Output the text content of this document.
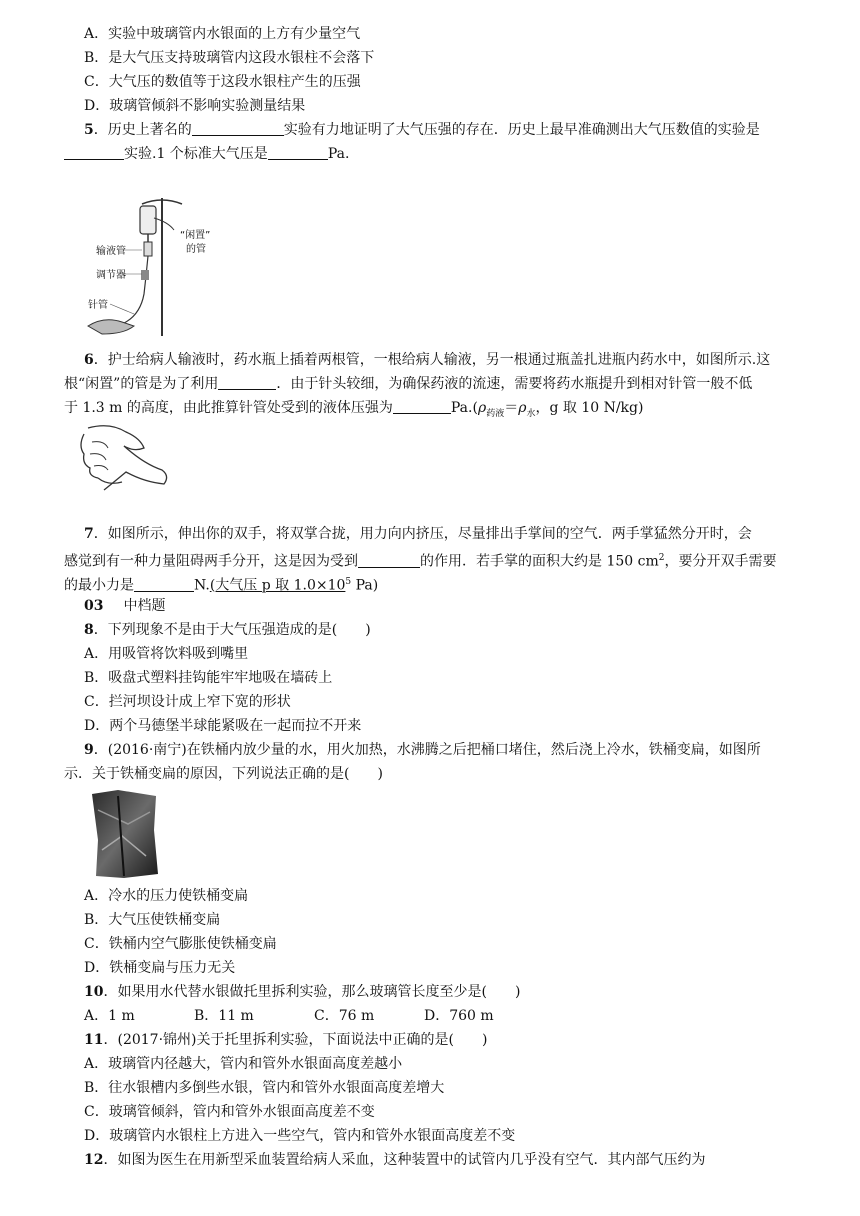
A．实验中玻璃管内水银面的上方有少量空气
B．是大气压支持玻璃管内这段水银柱不会落下
C．大气压的数值等于这段水银柱产生的压强
D．玻璃管倾斜不影响实验测量结果
5．历史上著名的	实验有力地证明了大气压强的存在．历史上最早准确测出大气压数值的实验是
实验.1 个标准大气压是	Pa.
输液管
调节器
针管
“闲置”
的管
6．护士给病人输液时，药水瓶上插着两根管，一根给病人输液，另一根通过瓶盖扎进瓶内药水中，如图所示.这
根“闲置”的管是为了利用	．由于针头较细，为确保药液的流速，需要将药水瓶提升到相对针管一般不低
于 1.3 m 的高度，由此推算针管处受到的液体压强为	$Pa.(\rho_{药液}=\rho_水$，g 取 10 N/kg)
7．如图所示，伸出你的双手，将双掌合拢，用力向内挤压，尽量排出手掌间的空气．两手掌猛然分开时，会
感觉到有一种力量阻碍两手分开，这是因为受到	的作用．若手掌的面积大约是 150 $cm^2$，要分开双手需要
的最小力是	N.(大气压 p 取 $1.0\times 10^5$ Pa)
03 中档题
8．下列现象不是由于大气压强造成的是(　　)
A．用吸管将饮料吸到嘴里
B．吸盘式塑料挂钩能牢牢地吸在墙砖上
C．拦河坝设计成上窄下宽的形状
D．两个马德堡半球能紧吸在一起而拉不开来
9．(2016·南宁)在铁桶内放少量的水，用火加热，水沸腾之后把桶口堵住，然后浇上冷水，铁桶变扁，如图所
示．关于铁桶变扁的原因，下列说法正确的是(　　)
A．冷水的压力使铁桶变扁
B．大气压使铁桶变扁
C．铁桶内空气膨胀使铁桶变扁
D．铁桶变扁与压力无关
10．如果用水代替水银做托里拆利实验，那么玻璃管长度至少是(　　)
A．1 m	B．11 m	C．76 m	D．760 m
11．(2017·锦州)关于托里拆利实验，下面说法中正确的是(　　)
A．玻璃管内径越大，管内和管外水银面高度差越小
B．往水银槽内多倒些水银，管内和管外水银面高度差增大
C．玻璃管倾斜，管内和管外水银面高度差不变
D．玻璃管内水银柱上方进入一些空气，管内和管外水银面高度差不变
12．如图为医生在用新型采血装置给病人采血，这种装置中的试管内几乎没有空气．其内部气压约为
